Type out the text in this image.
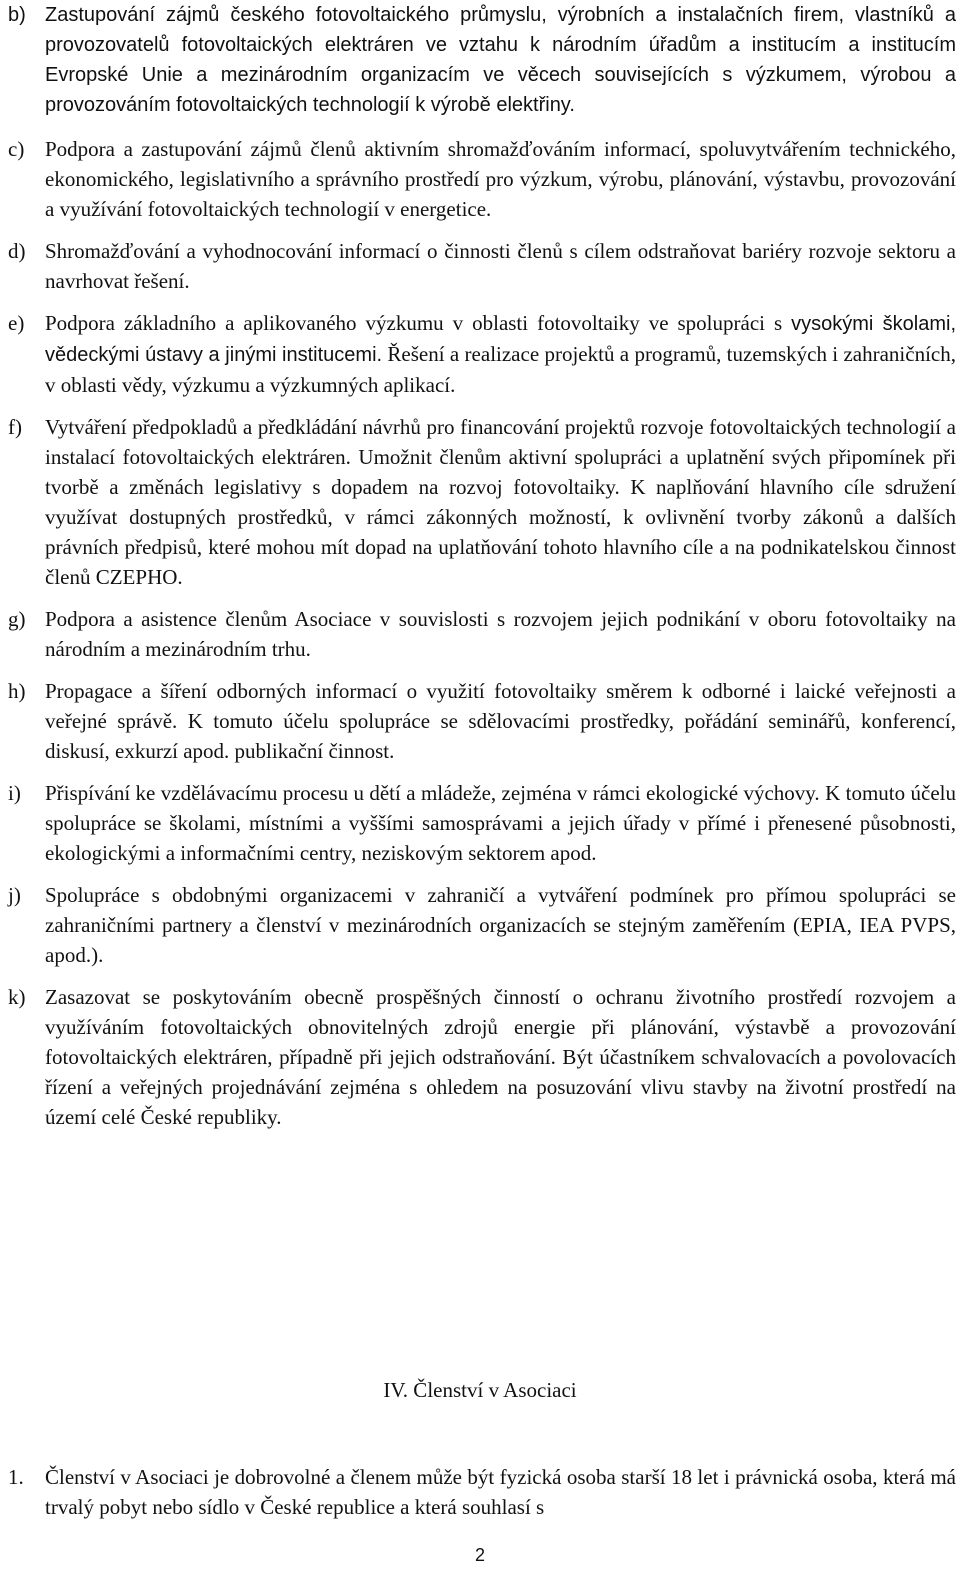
b) Zastupování zájmů českého fotovoltaického průmyslu, výrobních a instalačních firem, vlastníků a provozovatelů fotovoltaických elektráren ve vztahu k národním úřadům a institucím a institucím Evropské Unie a mezinárodním organizacím ve věcech souvisejících s výzkumem, výrobou a provozováním fotovoltaických technologií k výrobě elektřiny.
c) Podpora a zastupování zájmů členů aktivním shromažďováním informací, spoluvytvářením technického, ekonomického, legislativního a správního prostředí pro výzkum, výrobu, plánování, výstavbu, provozování a využívání fotovoltaických technologií v energetice.
d) Shromažďování a vyhodnocování informací o činnosti členů s cílem odstraňovat bariéry rozvoje sektoru a navrhovat řešení.
e) Podpora základního a aplikovaného výzkumu v oblasti fotovoltaiky ve spolupráci s vysokými školami, vědeckými ústavy a jinými institucemi. Řešení a realizace projektů a programů, tuzemských i zahraničních, v oblasti vědy, výzkumu a výzkumných aplikací.
f) Vytváření předpokladů a předkládání návrhů pro financování projektů rozvoje fotovoltaických technologií a instalací fotovoltaických elektráren. Umožnit členům aktivní spolupráci a uplatnění svých připomínek při tvorbě a změnách legislativy s dopadem na rozvoj fotovoltaiky. K naplňování hlavního cíle sdružení využívat dostupných prostředků, v rámci zákonných možností, k ovlivnění tvorby zákonů a dalších právních předpisů, které mohou mít dopad na uplatňování tohoto hlavního cíle a na podnikatelskou činnost členů CZEPHO.
g) Podpora a asistence členům Asociace v souvislosti s rozvojem jejich podnikání v oboru fotovoltaiky na národním a mezinárodním trhu.
h) Propagace a šíření odborných informací o využití fotovoltaiky směrem k odborné i laické veřejnosti a veřejné správě. K tomuto účelu spolupráce se sdělovacími prostředky, pořádání seminářů, konferencí, diskusí, exkurzí apod. publikační činnost.
i) Přispívání ke vzdělávacímu procesu u dětí a mládeže, zejména v rámci ekologické výchovy. K tomuto účelu spolupráce se školami, místními a vyššími samosprávami a jejich úřady v přímé i přenesené působnosti, ekologickými a informačními centry, neziskovým sektorem apod.
j) Spolupráce s obdobnými organizacemi v zahraničí a vytváření podmínek pro přímou spolupráci se zahraničními partnery a členství v mezinárodních organizacích se stejným zaměřením (EPIA, IEA PVPS, apod.).
k) Zasazovat se poskytováním obecně prospěšných činností o ochranu životního prostředí rozvojem a využíváním fotovoltaických obnovitelných zdrojů energie při plánování, výstavbě a provozování fotovoltaických elektráren, případně při jejich odstraňování. Být účastníkem schvalovacích a povolovacích řízení a veřejných projednávání zejména s ohledem na posuzování vlivu stavby na životní prostředí na území celé České republiky.
IV. Členství v Asociaci
1. Členství v Asociaci je dobrovolné a členem může být fyzická osoba starší 18 let i právnická osoba, která má trvalý pobyt nebo sídlo v České republice a která souhlasí s
2
